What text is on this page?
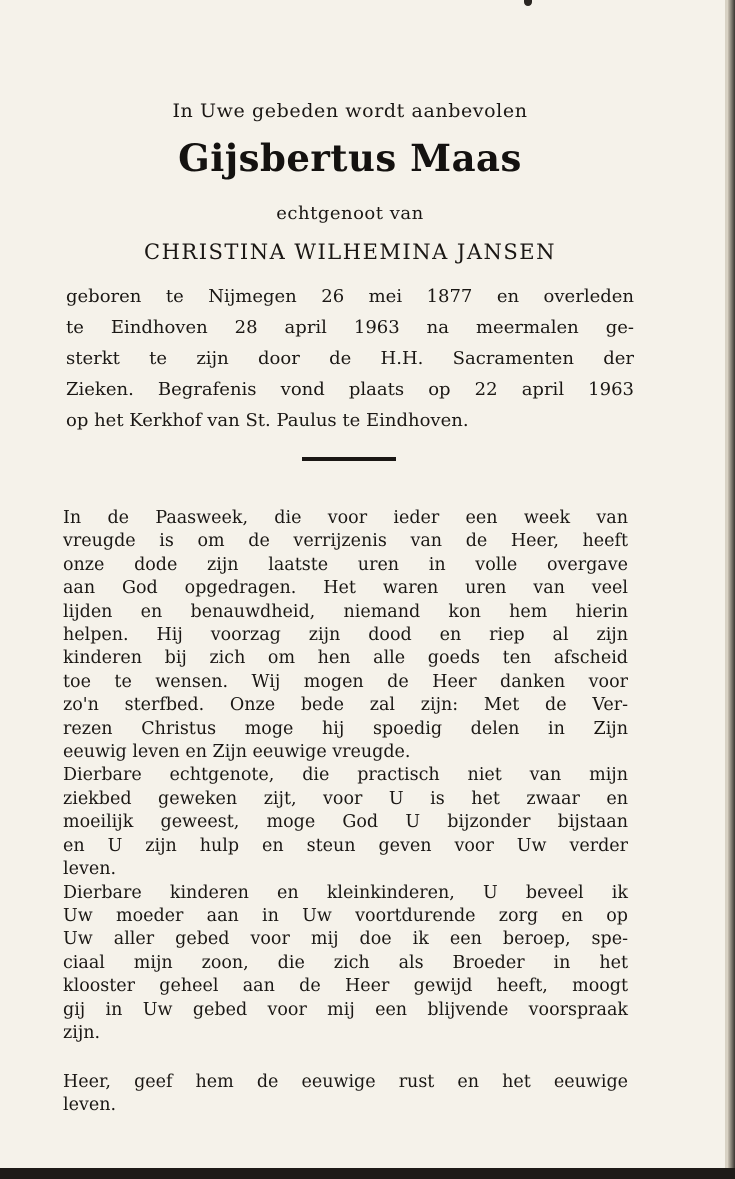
In Uwe gebeden wordt aanbevolen
Gijsbertus Maas
echtgenoot van
CHRISTINA WILHEMINA JANSEN
geboren te Nijmegen 26 mei 1877 en overleden
te Eindhoven 28 april 1963 na meermalen ge-
sterkt te zijn door de H.H. Sacramenten der
Zieken. Begrafenis vond plaats op 22 april 1963
op het Kerkhof van St. Paulus te Eindhoven.
In de Paasweek, die voor ieder een week van
vreugde is om de verrijzenis van de Heer, heeft
onze dode zijn laatste uren in volle overgave
aan God opgedragen. Het waren uren van veel
lijden en benauwdheid, niemand kon hem hierin
helpen. Hij voorzag zijn dood en riep al zijn
kinderen bij zich om hen alle goeds ten afscheid
toe te wensen. Wij mogen de Heer danken voor
zo'n sterfbed. Onze bede zal zijn: Met de Ver-
rezen Christus moge hij spoedig delen in Zijn
eeuwig leven en Zijn eeuwige vreugde.
Dierbare echtgenote, die practisch niet van mijn
ziekbed geweken zijt, voor U is het zwaar en
moeilijk geweest, moge God U bijzonder bijstaan
en U zijn hulp en steun geven voor Uw verder
leven.
Dierbare kinderen en kleinkinderen, U beveel ik
Uw moeder aan in Uw voortdurende zorg en op
Uw aller gebed voor mij doe ik een beroep, spe-
ciaal mijn zoon, die zich als Broeder in het
klooster geheel aan de Heer gewijd heeft, moogt
gij in Uw gebed voor mij een blijvende voorspraak
zijn.
Heer, geef hem de eeuwige rust en het eeuwige
leven.
